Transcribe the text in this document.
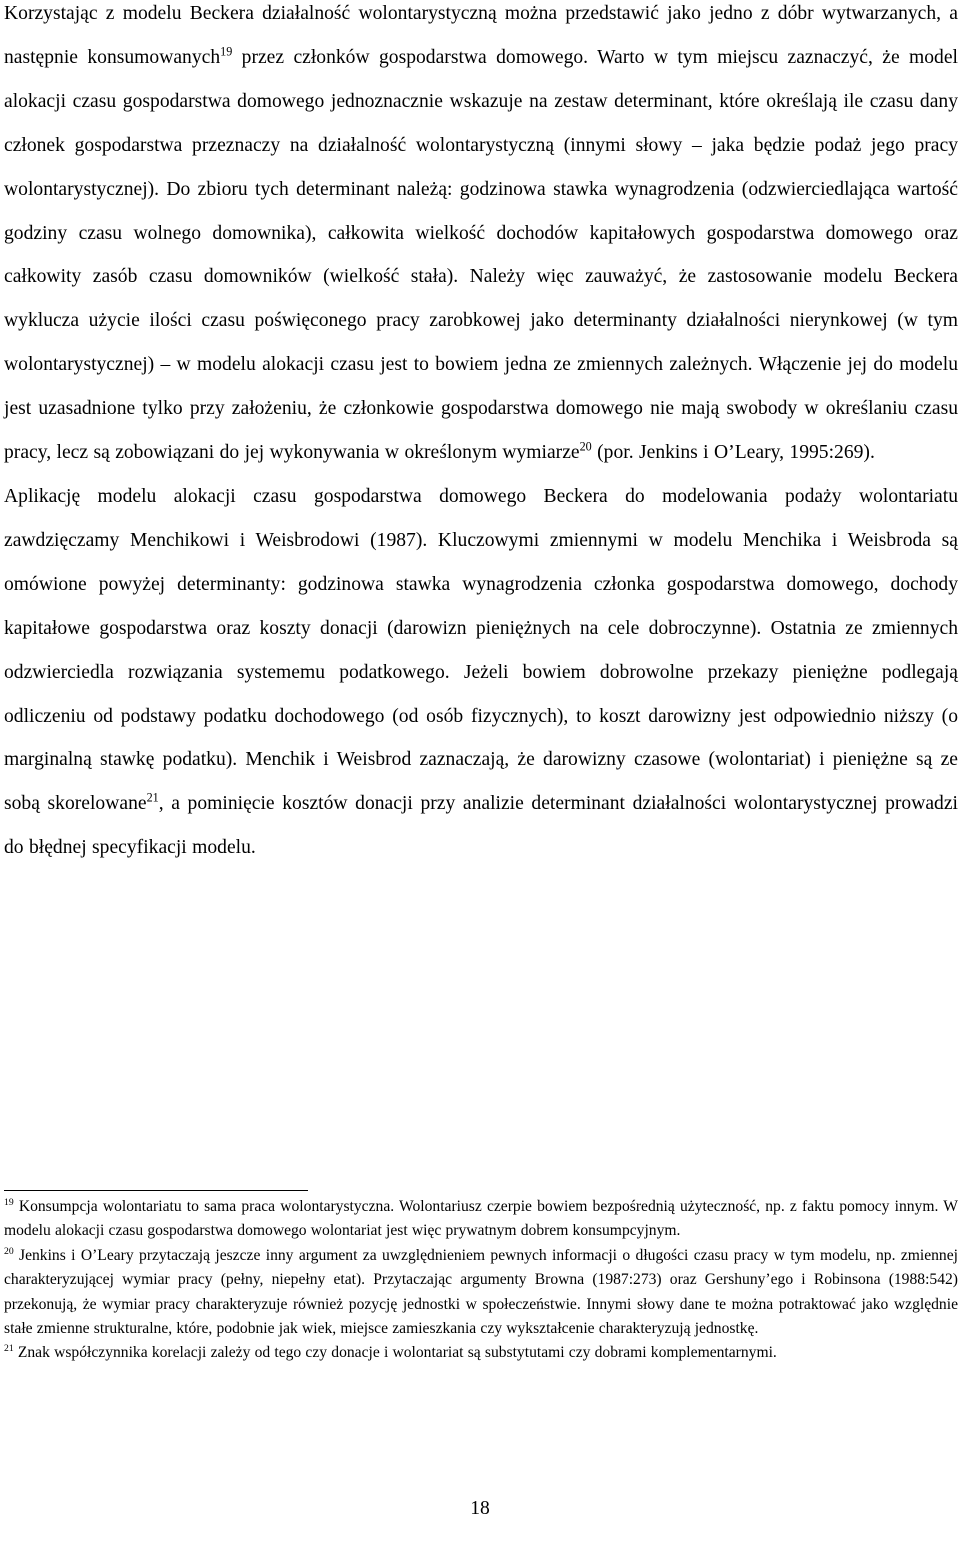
Korzystając z modelu Beckera działalność wolontarystyczną można przedstawić jako jedno z dóbr wytwarzanych, a następnie konsumowanych$^{19}$ przez członków gospodarstwa domowego. Warto w tym miejscu zaznaczyć, że model alokacji czasu gospodarstwa domowego jednoznacznie wskazuje na zestaw determinant, które określają ile czasu dany członek gospodarstwa przeznaczy na działalność wolontarystyczną (innymi słowy – jaka będzie podaż jego pracy wolontarystycznej). Do zbioru tych determinant należą: godzinowa stawka wynagrodzenia (odzwierciedlająca wartość godziny czasu wolnego domownika), całkowita wielkość dochodów kapitałowych gospodarstwa domowego oraz całkowity zasób czasu domowników (wielkość stała). Należy więc zauważyć, że zastosowanie modelu Beckera wyklucza użycie ilości czasu poświęconego pracy zarobkowej jako determinanty działalności nierynkowej (w tym wolontarystycznej) – w modelu alokacji czasu jest to bowiem jedna ze zmiennych zależnych. Włączenie jej do modelu jest uzasadnione tylko przy założeniu, że członkowie gospodarstwa domowego nie mają swobody w określaniu czasu pracy, lecz są zobowiązani do jej wykonywania w określonym wymiarze$^{20}$ (por. Jenkins i O’Leary, 1995:269).

Aplikację modelu alokacji czasu gospodarstwa domowego Beckera do modelowania podaży wolontariatu zawdzięczamy Menchikowi i Weisbrodowi (1987). Kluczowymi zmiennymi w modelu Menchika i Weisbroda są omówione powyżej determinanty: godzinowa stawka wynagrodzenia członka gospodarstwa domowego, dochody kapitałowe gospodarstwa oraz koszty donacji (darowizn pieniężnych na cele dobroczynne). Ostatnia ze zmiennych odzwierciedla rozwiązania systememu podatkowego. Jeżeli bowiem dobrowolne przekazy pieniężne podlegają odliczeniu od podstawy podatku dochodowego (od osób fizycznych), to koszt darowizny jest odpowiednio niższy (o marginalną stawkę podatku). Menchik i Weisbrod zaznaczają, że darowizny czasowe (wolontariat) i pieniężne są ze sobą skorelowane$^{21}$, a pominięcie kosztów donacji przy analizie determinant działalności wolontarystycznej prowadzi do błędnej specyfikacji modelu.

$^{19}$ Konsumpcja wolontariatu to sama praca wolontarystyczna. Wolontariusz czerpie bowiem bezpośrednią użyteczność, np. z faktu pomocy innym. W modelu alokacji czasu gospodarstwa domowego wolontariat jest więc prywatnym dobrem konsumpcyjnym.

$^{20}$ Jenkins i O’Leary przytaczają jeszcze inny argument za uwzględnieniem pewnych informacji o długości czasu pracy w tym modelu, np. zmiennej charakteryzującej wymiar pracy (pełny, niepełny etat). Przytaczając argumenty Browna (1987:273) oraz Gershuny’ego i Robinsona (1988:542) przekonują, że wymiar pracy charakteryzuje również pozycję jednostki w społeczeństwie. Innymi słowy dane te można potraktować jako względnie stałe zmienne strukturalne, które, podobnie jak wiek, miejsce zamieszkania czy wykształcenie charakteryzują jednostkę.

$^{21}$ Znak współczynnika korelacji zależy od tego czy donacje i wolontariat są substytutami czy dobrami komplementarnymi.

18
